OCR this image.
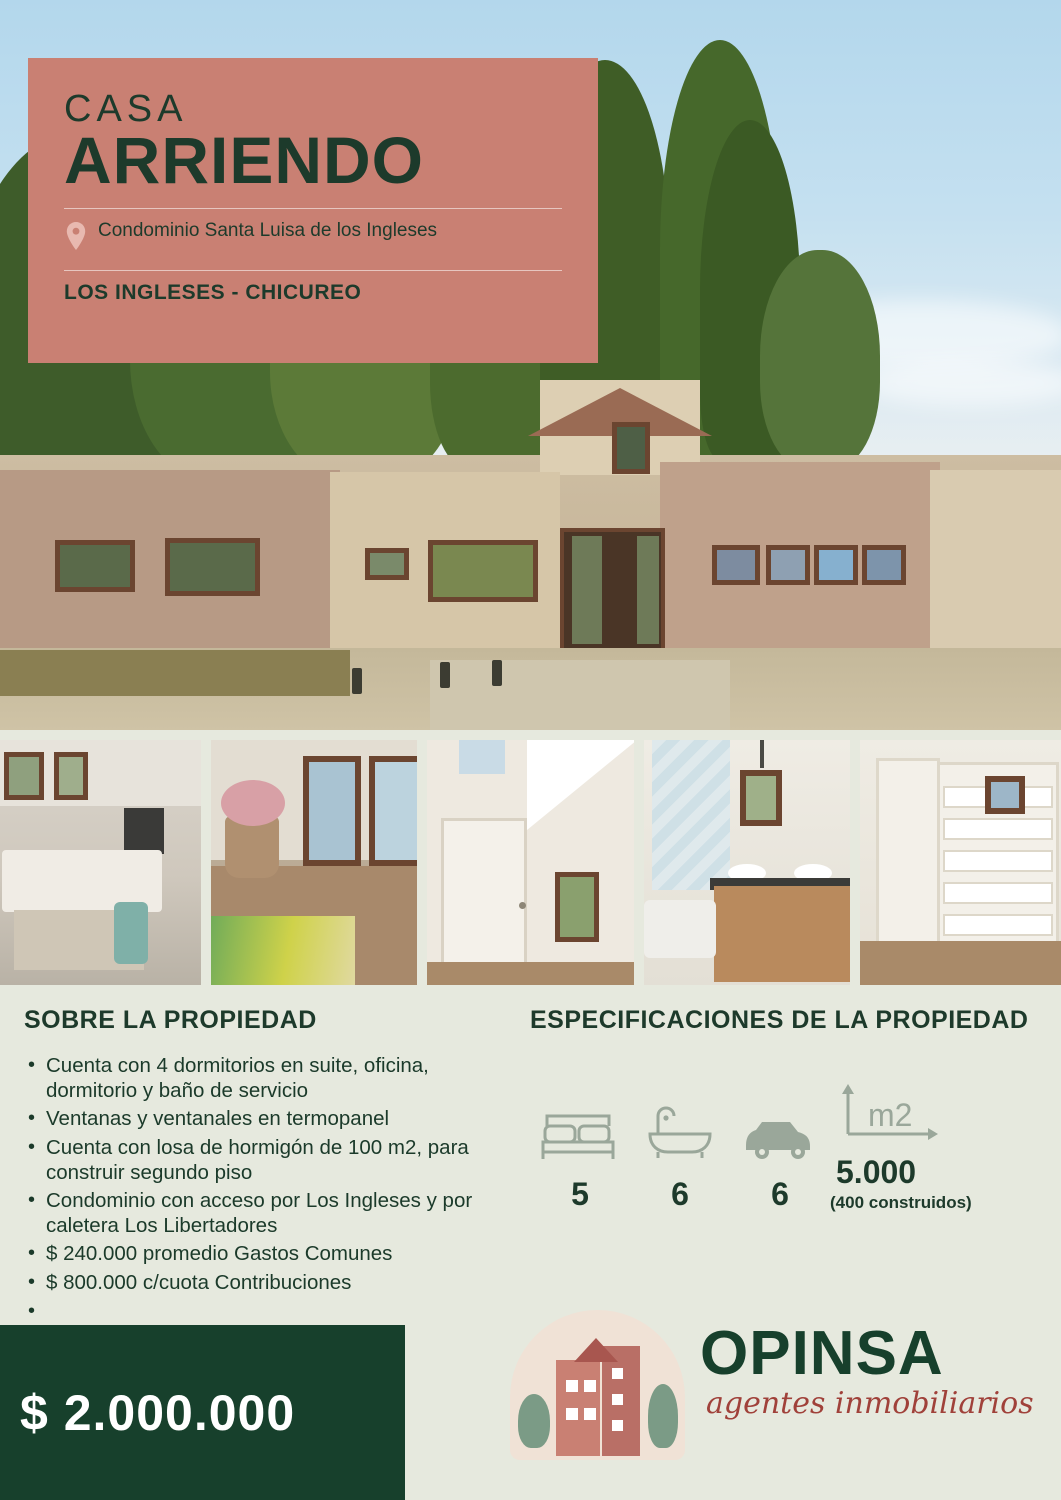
CASA
ARRIENDO
Condominio Santa Luisa de los Ingleses
LOS INGLESES - CHICUREO
SOBRE LA PROPIEDAD
• Cuenta con 4 dormitorios en suite, oficina, dormitorio y baño de servicio
• Ventanas y ventanales en termopanel
• Cuenta con losa de hormigón de 100 m2, para construir segundo piso
• Condominio con acceso por Los Ingleses y por caletera Los Libertadores
• $ 240.000 promedio Gastos Comunes
• $ 800.000 c/cuota Contribuciones
ESPECIFICACIONES DE LA PROPIEDAD
5	6	6
m2
5.000
(400 construidos)
$ 2.000.000
OPINSA
agentes inmobiliarios
